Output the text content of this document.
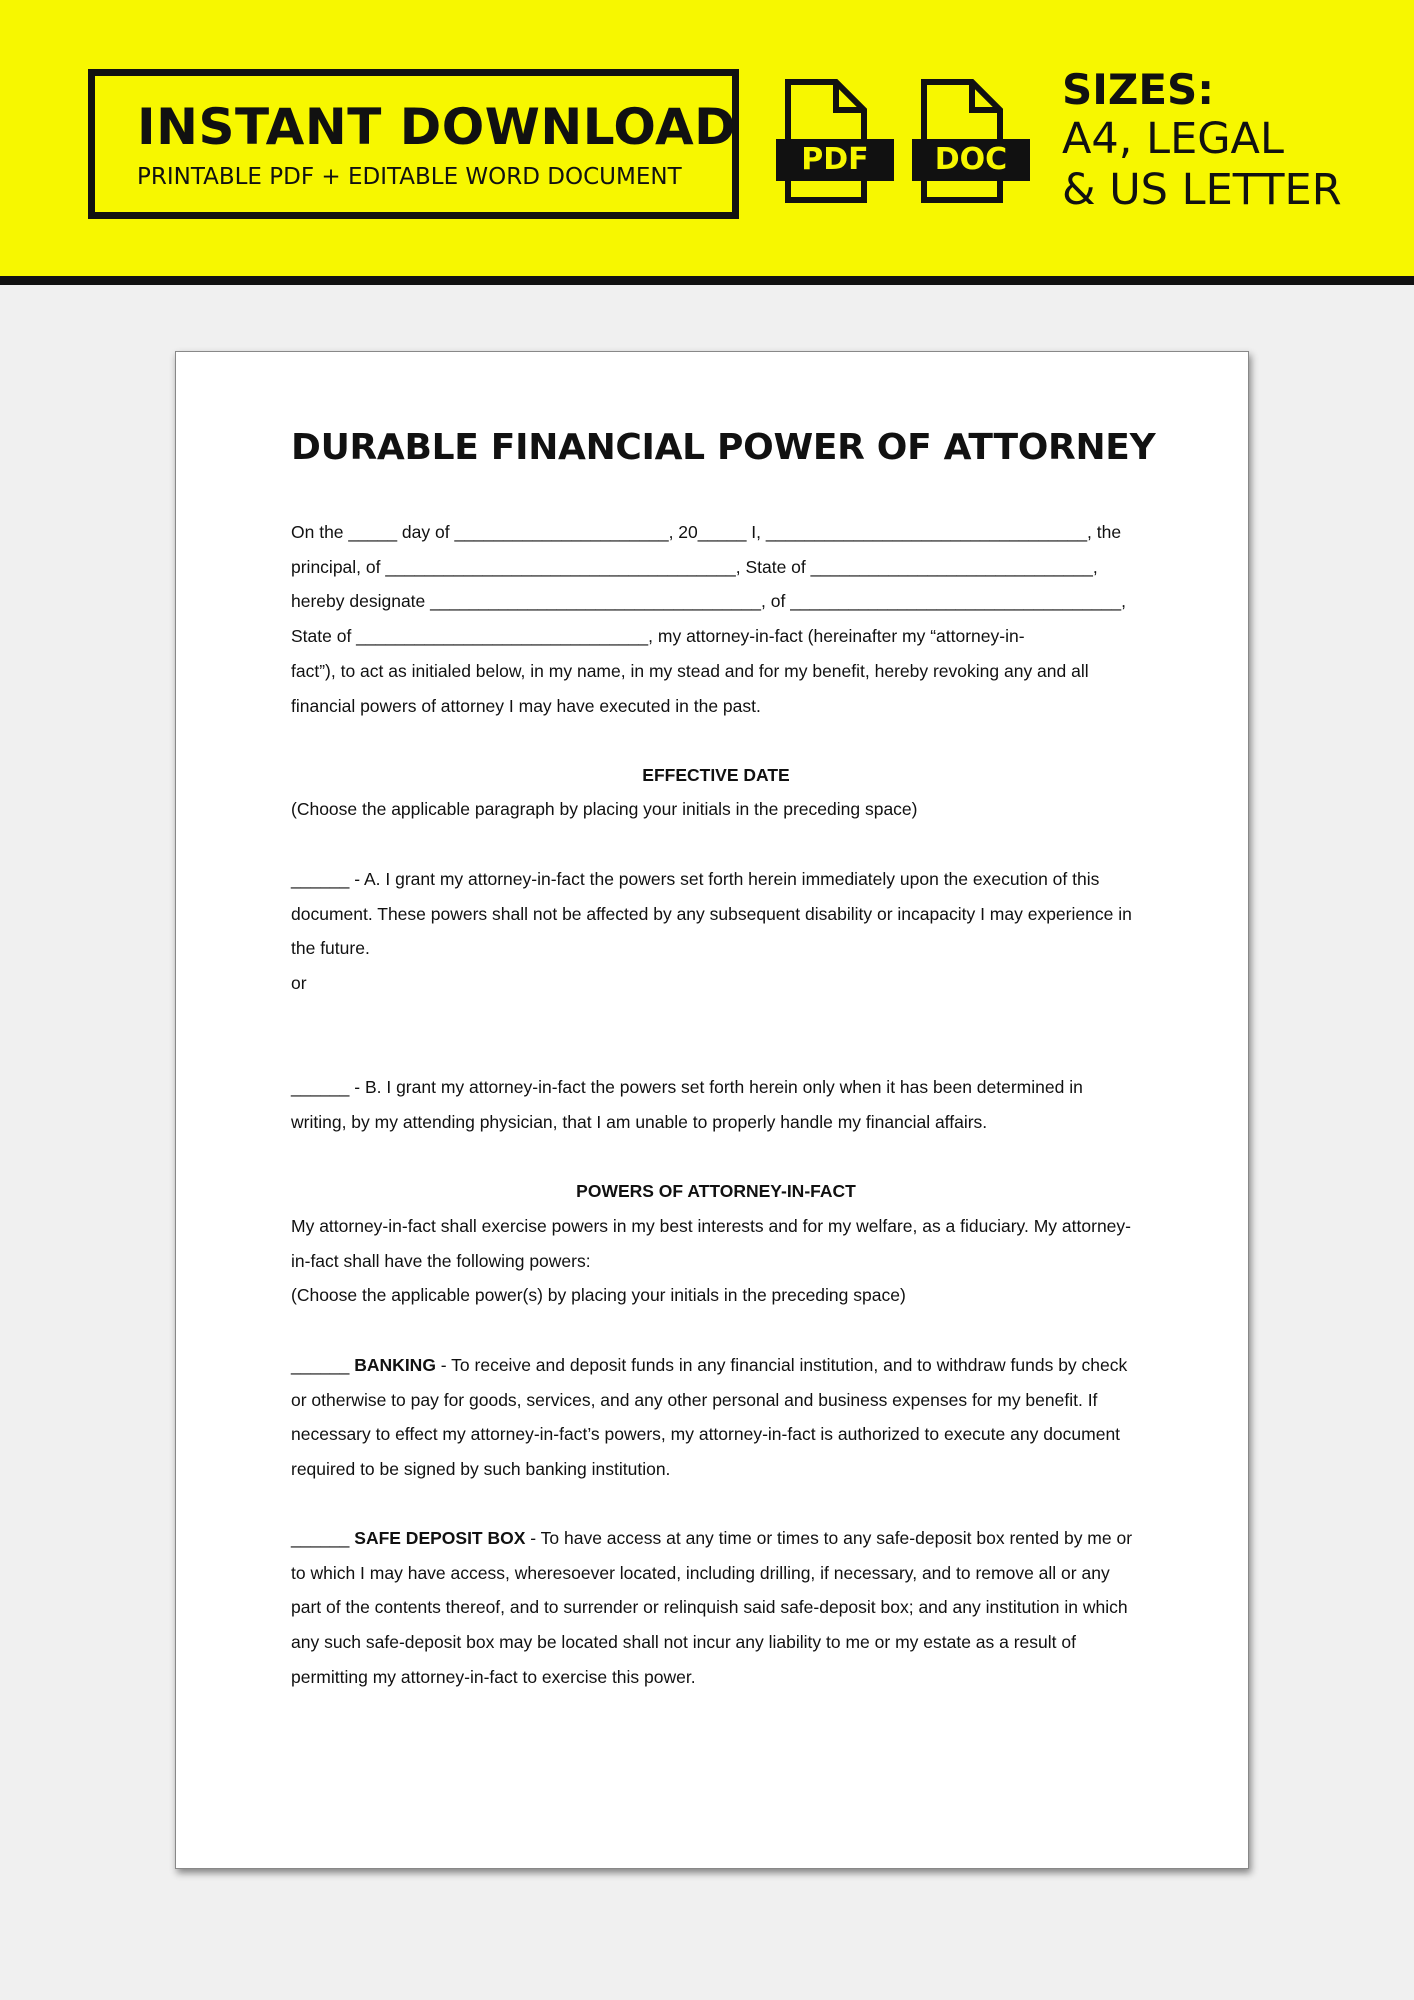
INSTANT DOWNLOAD
PRINTABLE PDF + EDITABLE WORD DOCUMENT	PDF	DOC
SIZES:
A4, LEGAL
& US LETTER
DURABLE FINANCIAL POWER OF ATTORNEY
On the _____ day of ______________________, 20_____ I, _________________________________, the
principal, of ____________________________________, State of _____________________________,
hereby designate __________________________________, of __________________________________,
State of ______________________________, my attorney-in-fact (hereinafter my “attorney-in-
fact”), to act as initialed below, in my name, in my stead and for my benefit, hereby revoking any and all financial powers of attorney I may have executed in the past.
EFFECTIVE DATE
(Choose the applicable paragraph by placing your initials in the preceding space)
______ - A. I grant my attorney-in-fact the powers set forth herein immediately upon the execution of this document. These powers shall not be affected by any subsequent disability or incapacity I may experience in the future.
or
______ - B. I grant my attorney-in-fact the powers set forth herein only when it has been determined in writing, by my attending physician, that I am unable to properly handle my financial affairs.
POWERS OF ATTORNEY-IN-FACT
My attorney-in-fact shall exercise powers in my best interests and for my welfare, as a fiduciary. My attorney-in-fact shall have the following powers:
(Choose the applicable power(s) by placing your initials in the preceding space)
______ BANKING - To receive and deposit funds in any financial institution, and to withdraw funds by check or otherwise to pay for goods, services, and any other personal and business expenses for my benefit. If necessary to effect my attorney-in-fact’s powers, my attorney-in-fact is authorized to execute any document required to be signed by such banking institution.
______ SAFE DEPOSIT BOX - To have access at any time or times to any safe-deposit box rented by me or to which I may have access, wheresoever located, including drilling, if necessary, and to remove all or any part of the contents thereof, and to surrender or relinquish said safe-deposit box; and any institution in which any such safe-deposit box may be located shall not incur any liability to me or my estate as a result of permitting my attorney-in-fact to exercise this power.
